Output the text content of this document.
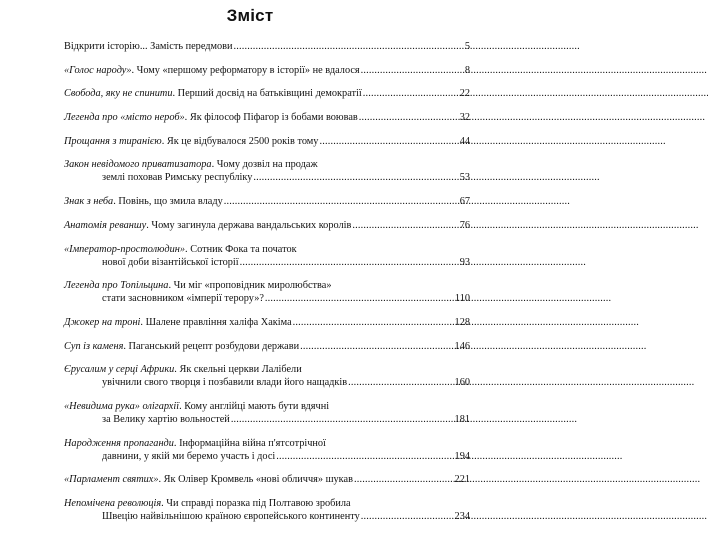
Зміст
Відкрити історію... Замість передмови . . .	5
«Голос народу». Чому «першому реформатору в історії» не вдалося . . .	8
Свобода, яку не спинити. Перший досвід на батьківщині демократії . . .	22
Легенда про «місто нероб». Як філософ Піфагор із бобами воював . . .	32
Прощання з тиранією. Як це відбувалося 2500 років тому . . .	44
Закон невідомого приватизатора. Чому дозвіл на продаж
землі поховав Римську республіку . . .	53
Знак з неба. Повінь, що змила владу . . .	67
Анатомія реваншу. Чому загинула держава вандальських королів . . .	76
«Імператор-простолюдин». Сотник Фока та початок
нової доби візантійської історії . . .	93
Легенда про Топільцина. Чи міг «проповідник миролюбства»
стати засновником «імперії терору»? . . .	110
Джокер на троні. Шалене правління халіфа Хакіма . . .	128
Суп із каменя. Паганський рецепт розбудови держави . . .	146
Єрусалим у серці Африки. Як скельні церкви Лалібели
увічнили свого творця і позбавили влади його нащадків . . .	160
«Невидима рука» олігархії. Кому англійці мають бути вдячні
за Велику хартію вольностей . . .	181
Народження пропаганди. Інформаційна війна п'ятсотрічної
давнини, у якій ми беремо участь і досі . . .	194
«Парламент святих». Як Олівер Кромвель «нові обличчя» шукав . . .	221
Непомічена революція. Чи справді поразка під Полтавою зробила
Швецію найвільнішою країною європейського континенту . . .	234
